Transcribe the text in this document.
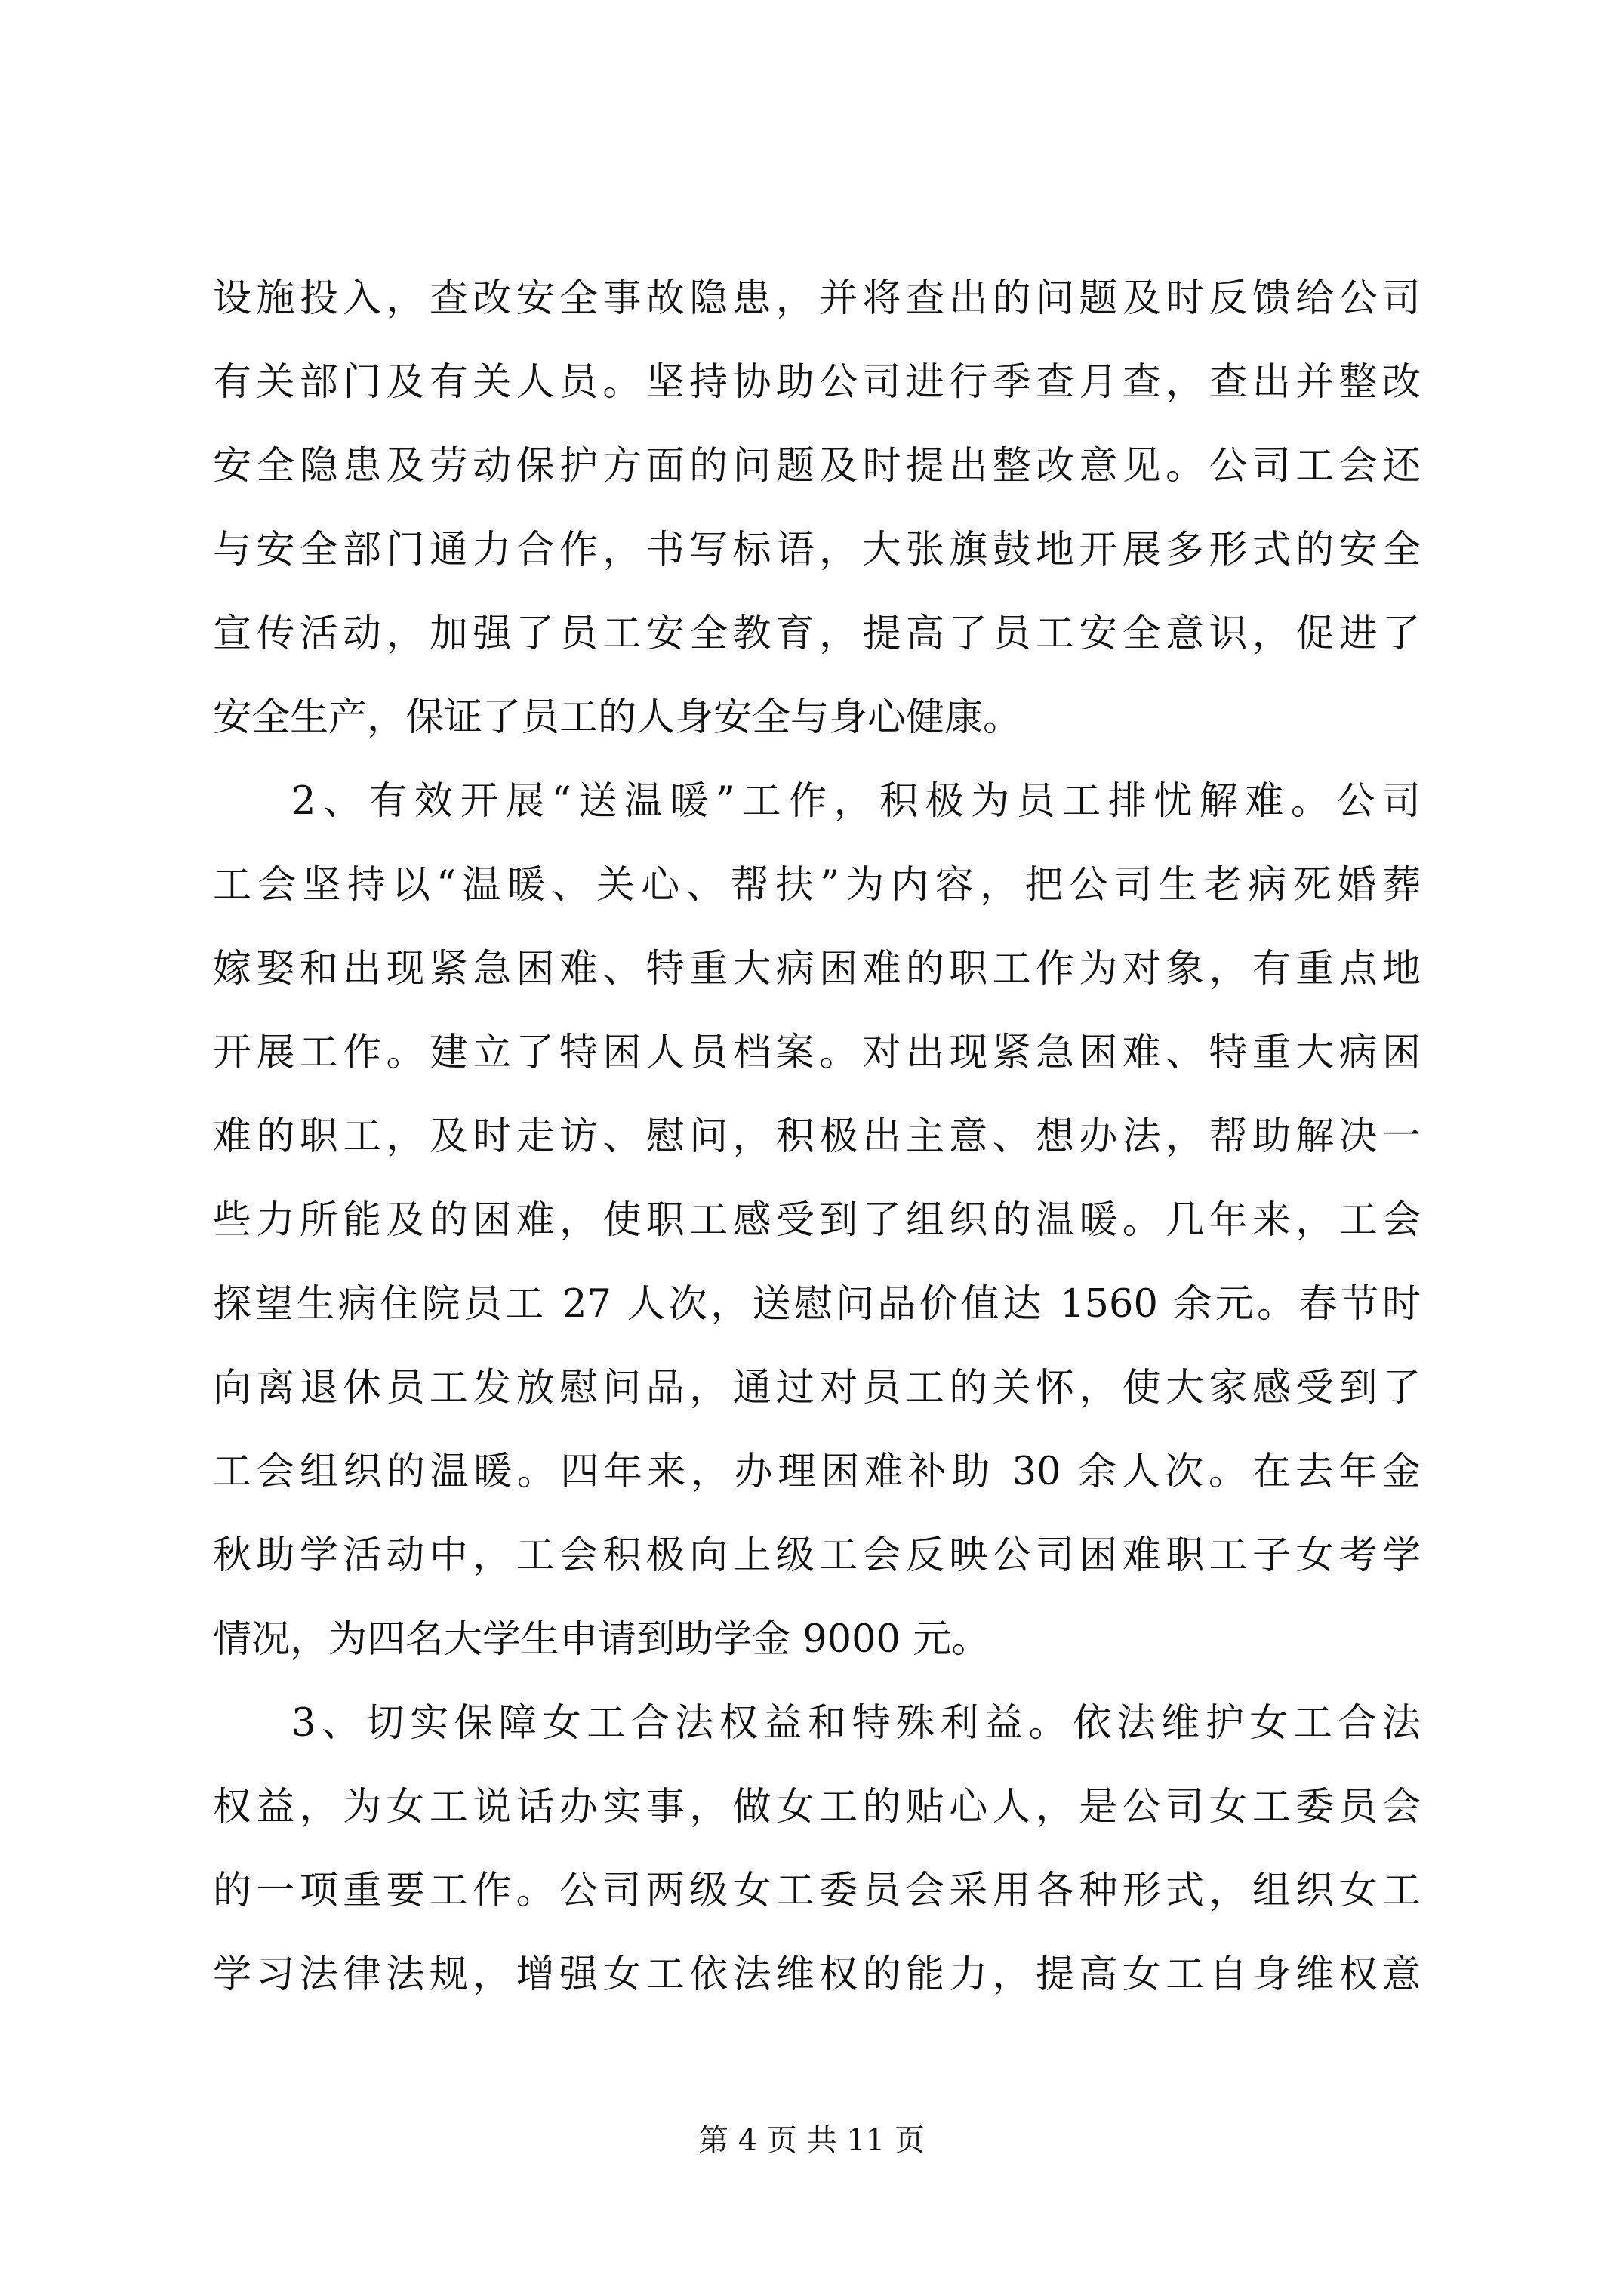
设施投入，查改安全事故隐患，并将查出的问题及时反馈给公司
有关部门及有关人员。坚持协助公司进行季查月查，查出并整改
安全隐患及劳动保护方面的问题及时提出整改意见。公司工会还
与安全部门通力合作，书写标语，大张旗鼓地开展多形式的安全
宣传活动，加强了员工安全教育，提高了员工安全意识，促进了
安全生产，保证了员工的人身安全与身心健康。
2、有效开展“送温暖”工作，积极为员工排忧解难。公司
工会坚持以“温暖、关心、帮扶”为内容，把公司生老病死婚葬
嫁娶和出现紧急困难、特重大病困难的职工作为对象，有重点地
开展工作。建立了特困人员档案。对出现紧急困难、特重大病困
难的职工，及时走访、慰问，积极出主意、想办法，帮助解决一
些力所能及的困难，使职工感受到了组织的温暖。几年来，工会
探望生病住院员工 27 人次，送慰问品价值达 1560 余元。春节时
向离退休员工发放慰问品，通过对员工的关怀，使大家感受到了
工会组织的温暖。四年来，办理困难补助 30 余人次。在去年金
秋助学活动中，工会积极向上级工会反映公司困难职工子女考学
情况，为四名大学生申请到助学金 9000 元。
3、切实保障女工合法权益和特殊利益。依法维护女工合法
权益，为女工说话办实事，做女工的贴心人，是公司女工委员会
的一项重要工作。公司两级女工委员会采用各种形式，组织女工
学习法律法规，增强女工依法维权的能力，提高女工自身维权意
第 4 页 共 11 页
